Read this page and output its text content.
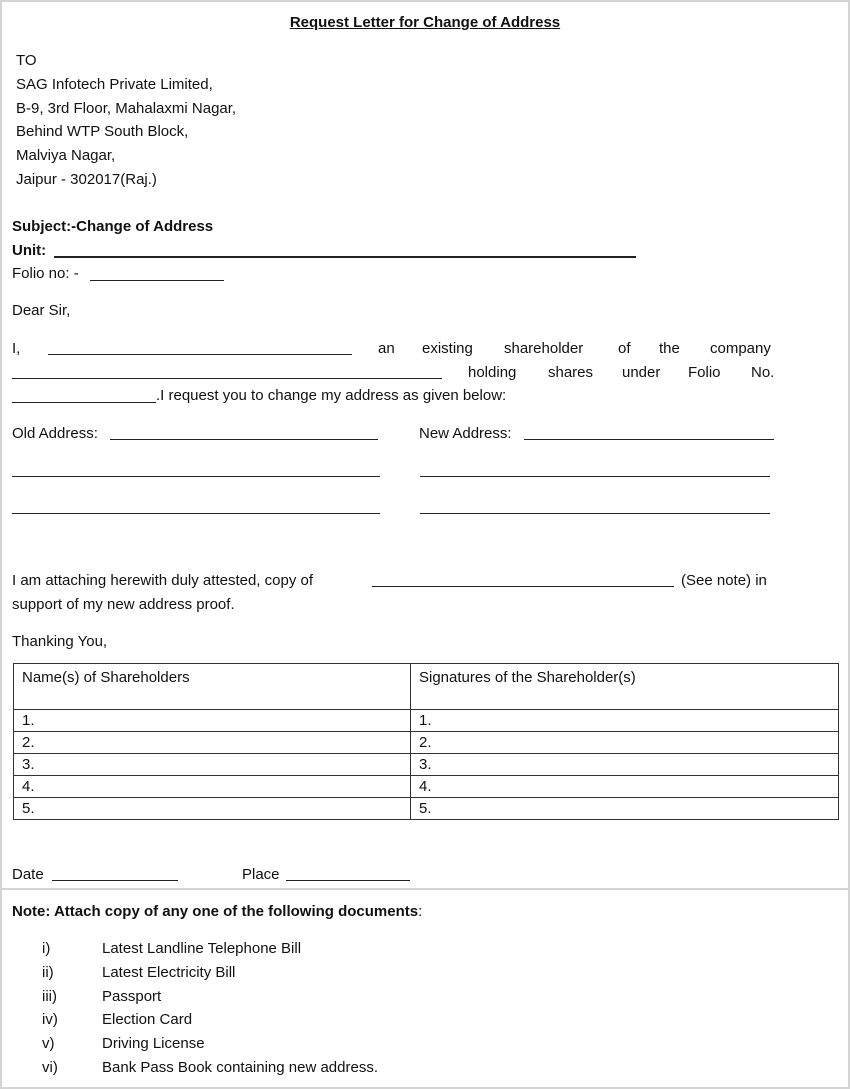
Request Letter for Change of Address
TO
SAG Infotech Private Limited,
B-9, 3rd Floor, Mahalaxmi Nagar,
Behind WTP South Block,
Malviya Nagar,
Jaipur - 302017(Raj.)
Subject:-Change of Address
Unit:
Folio no: -
Dear Sir,
I,	an existing shareholder of the company
holding shares under Folio No.
.I request you to change my address as given below:
Old Address:	New Address:
I am attaching herewith duly attested, copy of	(See note) in
support of my new address proof.
Thanking You,
Name(s) of Shareholders	Signatures of the Shareholder(s)
1.	1.
2.	2.
3.	3.
4.	4.
5.	5.
Date	Place
Note: Attach copy of any one of the following documents:
i)	Latest Landline Telephone Bill
ii)	Latest Electricity Bill
iii)	Passport
iv)	Election Card
v)	Driving License
vi)	Bank Pass Book containing new address.
